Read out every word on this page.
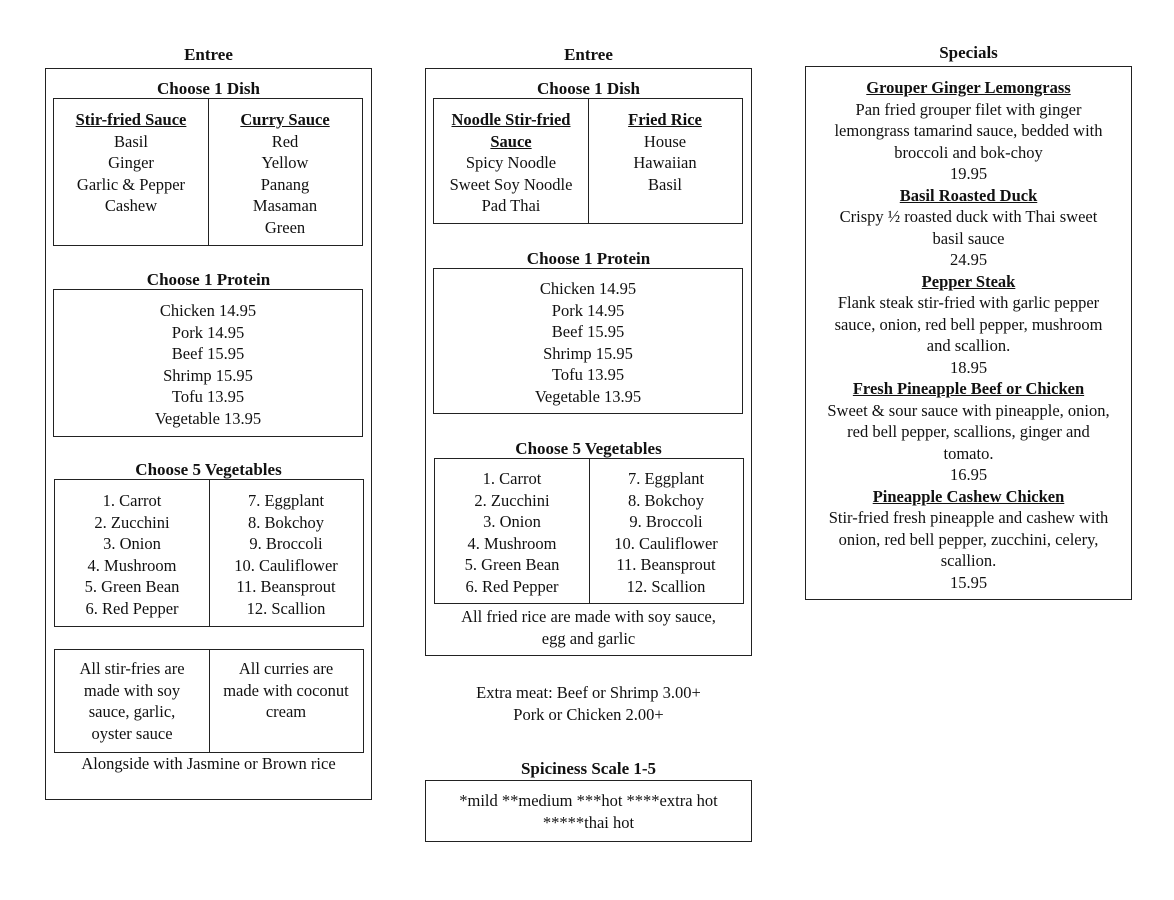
Entree
Choose 1 Dish
Stir-fried Sauce
Basil
Ginger
Garlic & Pepper
Cashew
Curry Sauce
Red
Yellow
Panang
Masaman
Green
Choose 1 Protein
Chicken 14.95
Pork 14.95
Beef 15.95
Shrimp 15.95
Tofu 13.95
Vegetable 13.95
Choose 5 Vegetables
1. Carrot
2. Zucchini
3. Onion
4. Mushroom
5. Green Bean
6. Red Pepper
7. Eggplant
8. Bokchoy
9. Broccoli
10. Cauliflower
11. Beansprout
12. Scallion
All stir-fries are
made with soy
sauce, garlic,
oyster sauce
All curries are
made with coconut
cream
Alongside with Jasmine or Brown rice
Entree
Choose 1 Dish
Noodle Stir-fried
Sauce
Spicy Noodle
Sweet Soy Noodle
Pad Thai
Fried Rice
House
Hawaiian
Basil
Choose 1 Protein
Chicken 14.95
Pork 14.95
Beef 15.95
Shrimp 15.95
Tofu 13.95
Vegetable 13.95
Choose 5 Vegetables
1. Carrot
2. Zucchini
3. Onion
4. Mushroom
5. Green Bean
6. Red Pepper
7. Eggplant
8. Bokchoy
9. Broccoli
10. Cauliflower
11. Beansprout
12. Scallion
All fried rice are made with soy sauce,
egg and garlic
Extra meat: Beef or Shrimp 3.00+
Pork or Chicken 2.00+
Spiciness Scale 1-5
*mild **medium ***hot ****extra hot
*****thai hot
Specials
Grouper Ginger Lemongrass
Pan fried grouper filet with ginger
lemongrass tamarind sauce, bedded with
broccoli and bok-choy
19.95
Basil Roasted Duck
Crispy ½ roasted duck with Thai sweet
basil sauce
24.95
Pepper Steak
Flank steak stir-fried with garlic pepper
sauce, onion, red bell pepper, mushroom
and scallion.
18.95
Fresh Pineapple Beef or Chicken
Sweet & sour sauce with pineapple, onion,
red bell pepper, scallions, ginger and
tomato.
16.95
Pineapple Cashew Chicken
Stir-fried fresh pineapple and cashew with
onion, red bell pepper, zucchini, celery,
scallion.
15.95
